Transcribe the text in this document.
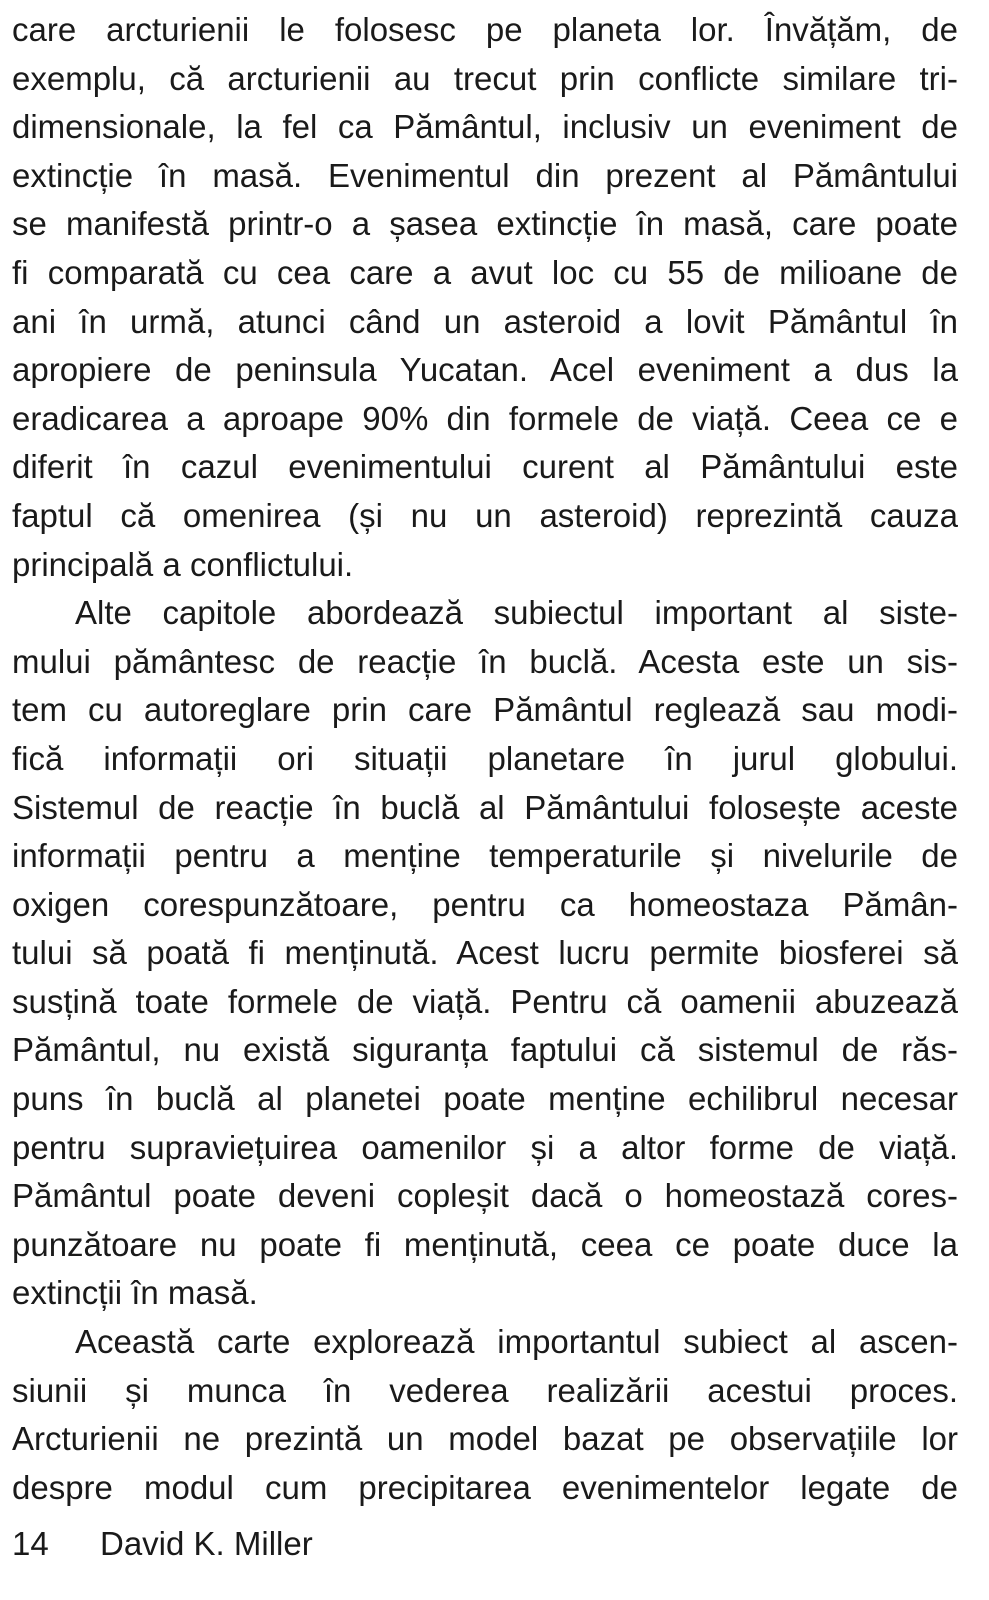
care arcturienii le folosesc pe planeta lor. Învățăm, de
exemplu, că arcturienii au trecut prin conflicte similare tri-
dimensionale, la fel ca Pământul, inclusiv un eveniment de
extincție în masă. Evenimentul din prezent al Pământului
se manifestă printr-o a șasea extincție în masă, care poate
fi comparată cu cea care a avut loc cu 55 de milioane de
ani în urmă, atunci când un asteroid a lovit Pământul în
apropiere de peninsula Yucatan. Acel eveniment a dus la
eradicarea a aproape 90% din formele de viață. Ceea ce e
diferit în cazul evenimentului curent al Pământului este
faptul că omenirea (și nu un asteroid) reprezintă cauza
principală a conflictului.
Alte capitole abordează subiectul important al siste-
mului pământesc de reacție în buclă. Acesta este un sis-
tem cu autoreglare prin care Pământul reglează sau modi-
fică informații ori situații planetare în jurul globului.
Sistemul de reacție în buclă al Pământului folosește aceste
informații pentru a menține temperaturile și nivelurile de
oxigen corespunzătoare, pentru ca homeostaza Pămân-
tului să poată fi menținută. Acest lucru permite biosferei să
susțină toate formele de viață. Pentru că oamenii abuzează
Pământul, nu există siguranța faptului că sistemul de răs-
puns în buclă al planetei poate menține echilibrul necesar
pentru supraviețuirea oamenilor și a altor forme de viață.
Pământul poate deveni copleșit dacă o homeostază cores-
punzătoare nu poate fi menținută, ceea ce poate duce la
extincții în masă.
Această carte explorează importantul subiect al ascen-
siunii și munca în vederea realizării acestui proces.
Arcturienii ne prezintă un model bazat pe observațiile lor
despre modul cum precipitarea evenimentelor legate de
14 David K. Miller
